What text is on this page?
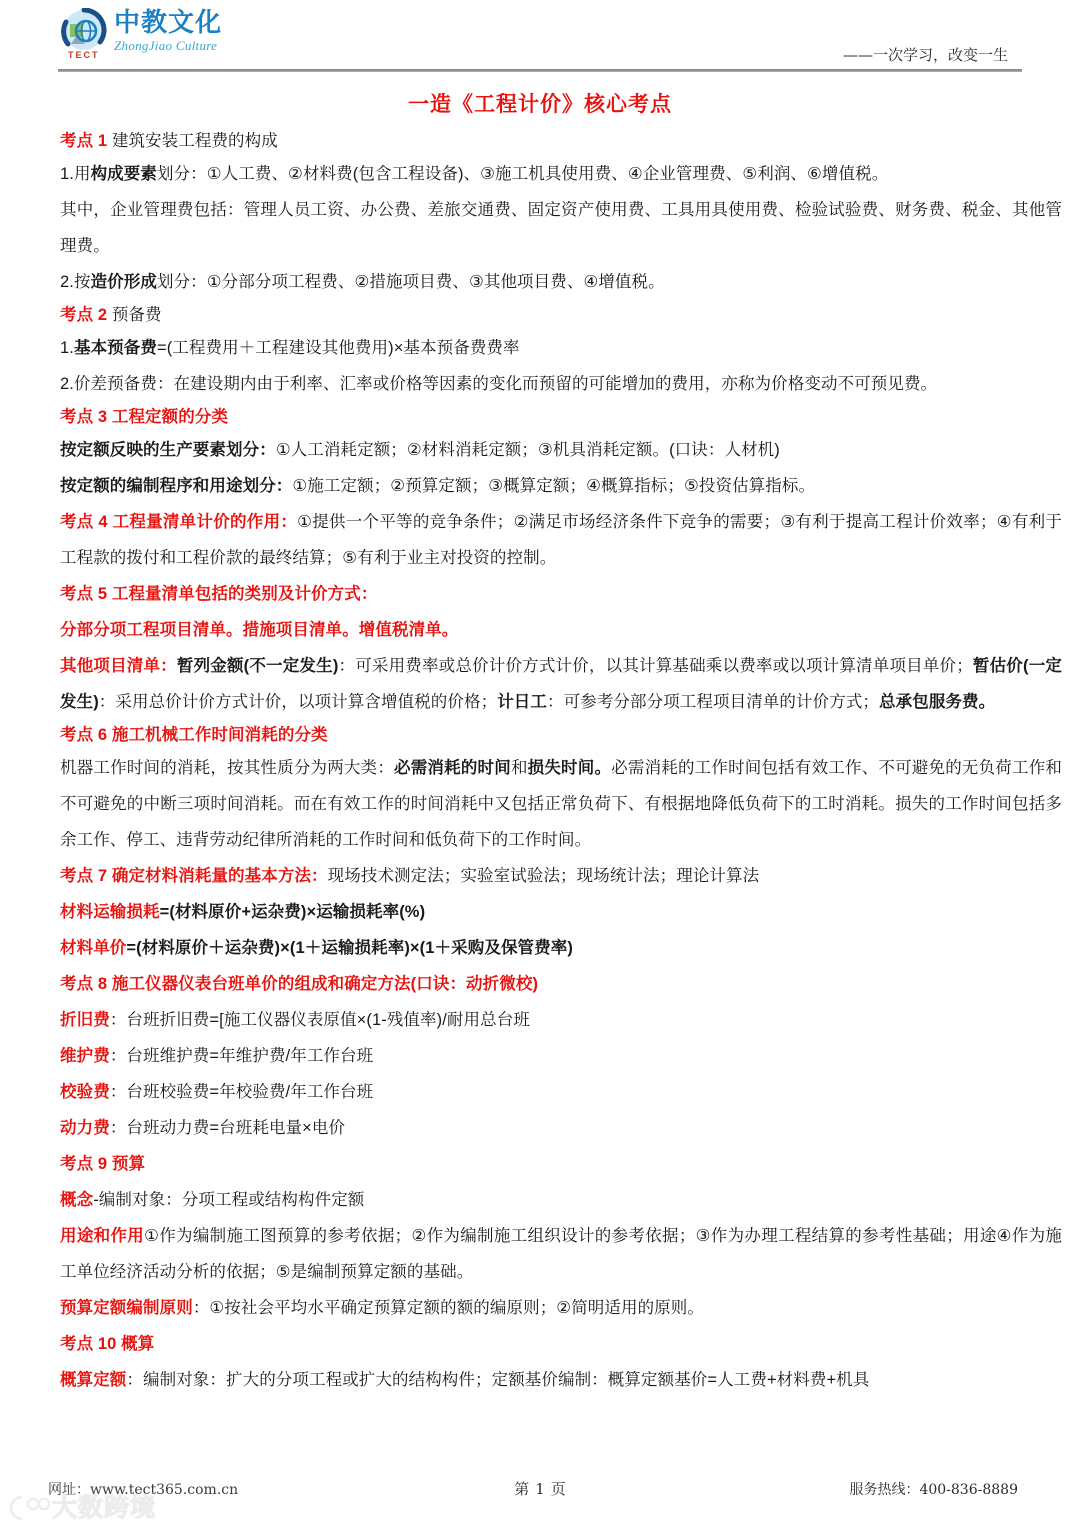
TECT
中教文化
ZhongJiao Culture
——一次学习，改变一生
一造《工程计价》核心考点

考点 1 建筑安装工程费的构成

1.用构成要素划分：①人工费、②材料费(包含工程设备)、③施工机具使用费、④企业管理费、⑤利润、⑥增值税。

其中，企业管理费包括：管理人员工资、办公费、差旅交通费、固定资产使用费、工具用具使用费、检验试验费、财务费、税金、其他管理费。

2.按造价形成划分：①分部分项工程费、②措施项目费、③其他项目费、④增值税。

考点 2 预备费

1.基本预备费=(工程费用＋工程建设其他费用)×基本预备费费率

2.价差预备费：在建设期内由于利率、汇率或价格等因素的变化而预留的可能增加的费用，亦称为价格变动不可预见费。

考点 3 工程定额的分类

按定额反映的生产要素划分：①人工消耗定额；②材料消耗定额；③机具消耗定额。(口诀：人材机)

按定额的编制程序和用途划分：①施工定额；②预算定额；③概算定额；④概算指标；⑤投资估算指标。

考点 4 工程量清单计价的作用：①提供一个平等的竞争条件；②满足市场经济条件下竞争的需要；③有利于提高工程计价效率；④有利于工程款的拨付和工程价款的最终结算；⑤有利于业主对投资的控制。

考点 5 工程量清单包括的类别及计价方式：

分部分项工程项目清单。措施项目清单。增值税清单。

其他项目清单：暂列金额(不一定发生)：可采用费率或总价计价方式计价，以其计算基础乘以费率或以项计算清单项目单价；暂估价(一定发生)：采用总价计价方式计价，以项计算含增值税的价格；计日工：可参考分部分项工程项目清单的计价方式；总承包服务费。

考点 6 施工机械工作时间消耗的分类

机器工作时间的消耗，按其性质分为两大类：必需消耗的时间和损失时间。必需消耗的工作时间包括有效工作、不可避免的无负荷工作和不可避免的中断三项时间消耗。而在有效工作的时间消耗中又包括正常负荷下、有根据地降低负荷下的工时消耗。损失的工作时间包括多余工作、停工、违背劳动纪律所消耗的工作时间和低负荷下的工作时间。

考点 7 确定材料消耗量的基本方法：现场技术测定法；实验室试验法；现场统计法；理论计算法

材料运输损耗=(材料原价+运杂费)×运输损耗率(%)

材料单价=(材料原价＋运杂费)×(1＋运输损耗率)×(1＋采购及保管费率)

考点 8 施工仪器仪表台班单价的组成和确定方法(口诀：动折微校)

折旧费：台班折旧费=[施工仪器仪表原值×(1-残值率)/耐用总台班

维护费：台班维护费=年维护费/年工作台班

校验费：台班校验费=年校验费/年工作台班

动力费：台班动力费=台班耗电量×电价

考点 9 预算

概念-编制对象：分项工程或结构构件定额

用途和作用①作为编制施工图预算的参考依据；②作为编制施工组织设计的参考依据；③作为办理工程结算的参考性基础；用途④作为施工单位经济活动分析的依据；⑤是编制预算定额的基础。

预算定额编制原则：①按社会平均水平确定预算定额的额的编原则；②简明适用的原则。

考点 10 概算

概算定额：编制对象：扩大的分项工程或扩大的结构构件；定额基价编制：概算定额基价=人工费+材料费+机具

网址：www.tect365.com.cn	第 1 页	服务热线：400-836-8889
大数跨境
